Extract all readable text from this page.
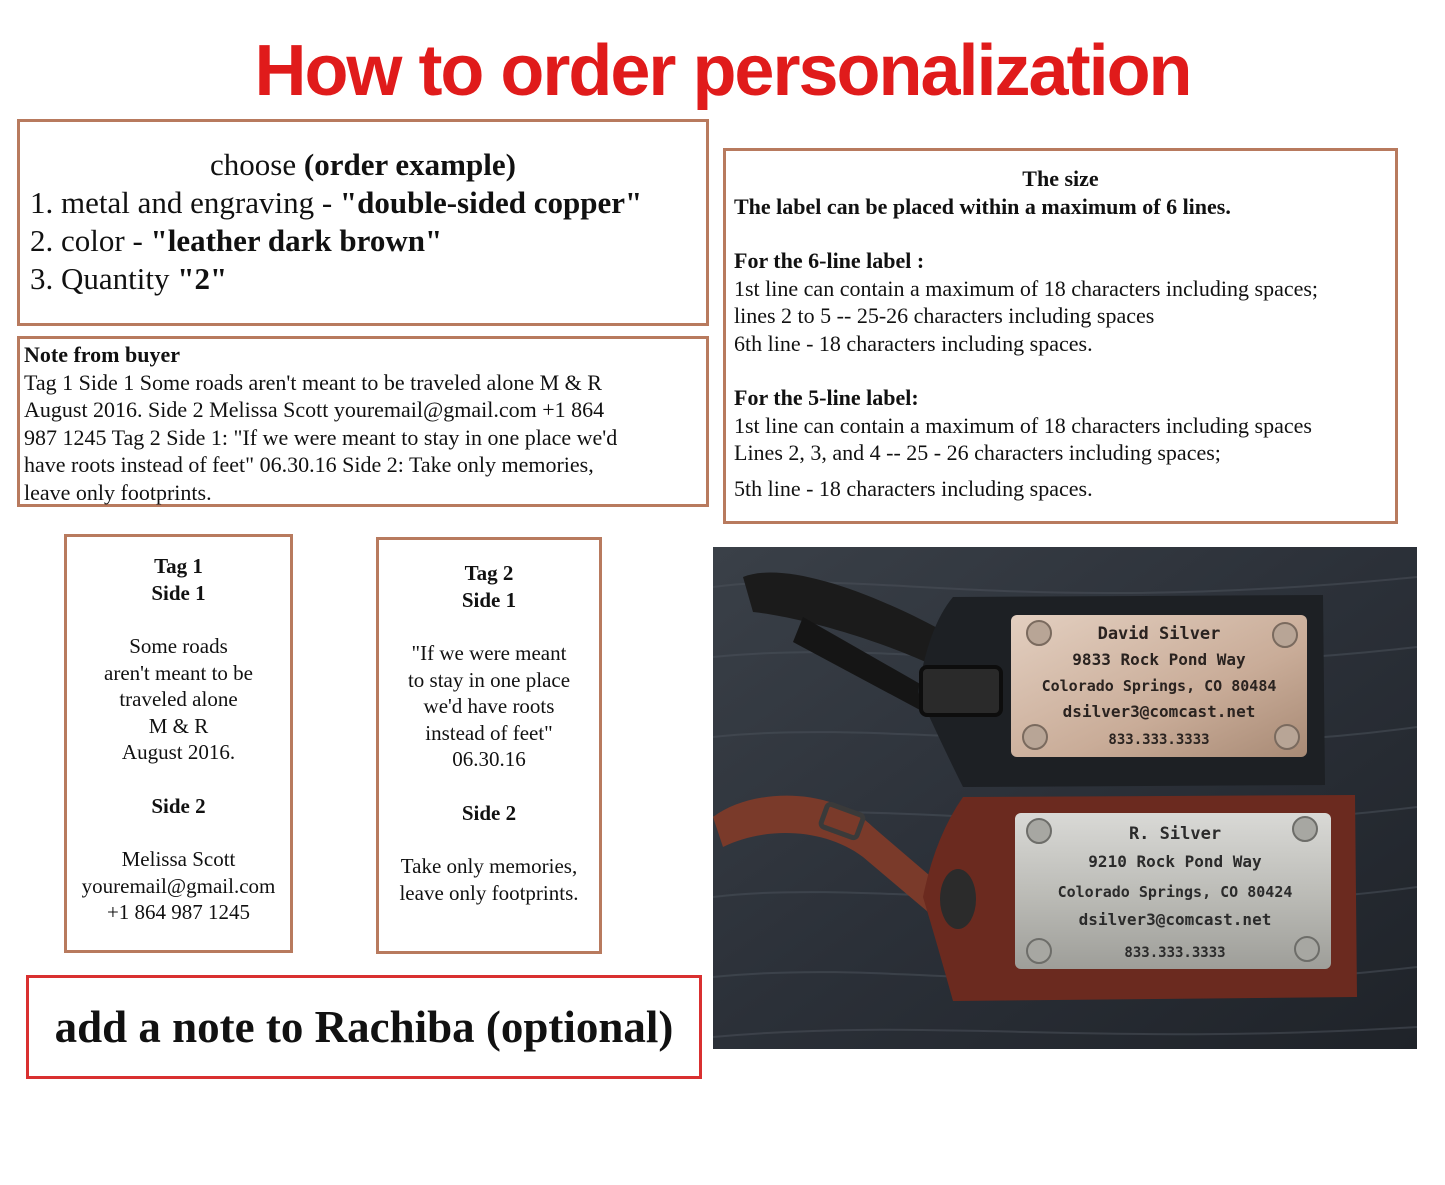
How to order personalization
choose (order example)
1. metal and engraving - "double-sided copper"
2. color - "leather dark brown"
3. Quantity "2"
Note from buyer
Tag 1 Side 1 Some roads aren't meant to be traveled alone M & R
August 2016. Side 2 Melissa Scott youremail@gmail.com +1 864
987 1245 Tag 2 Side 1: "If we were meant to stay in one place we'd
have roots instead of feet" 06.30.16 Side 2: Take only memories,
leave only footprints.
The size
The label can be placed within a maximum of 6 lines.
For the 6-line label :
1st line can contain a maximum of 18 characters including spaces;
lines 2 to 5 -- 25-26 characters including spaces
6th line - 18 characters including spaces.
For the 5-line label:
1st line can contain a maximum of 18 characters including spaces
Lines 2, 3, and 4 -- 25 - 26 characters including spaces;
5th line - 18 characters including spaces.
Tag 1
Side 1
Some roads
aren't meant to be
traveled alone
M & R
August 2016.
Side 2
Melissa Scott
youremail@gmail.com
+1 864 987 1245
Tag 2
Side 1
"If we were meant
to stay in one place
we'd have roots
instead of feet"
06.30.16
Side 2
Take only memories,
leave only footprints.
add a note to Rachiba (optional)
David Silver
9833 Rock Pond Way
Colorado Springs, CO 80484
dsilver3@comcast.net
833.333.3333
R. Silver
9210 Rock Pond Way
Colorado Springs, CO 80424
dsilver3@comcast.net
833.333.3333
